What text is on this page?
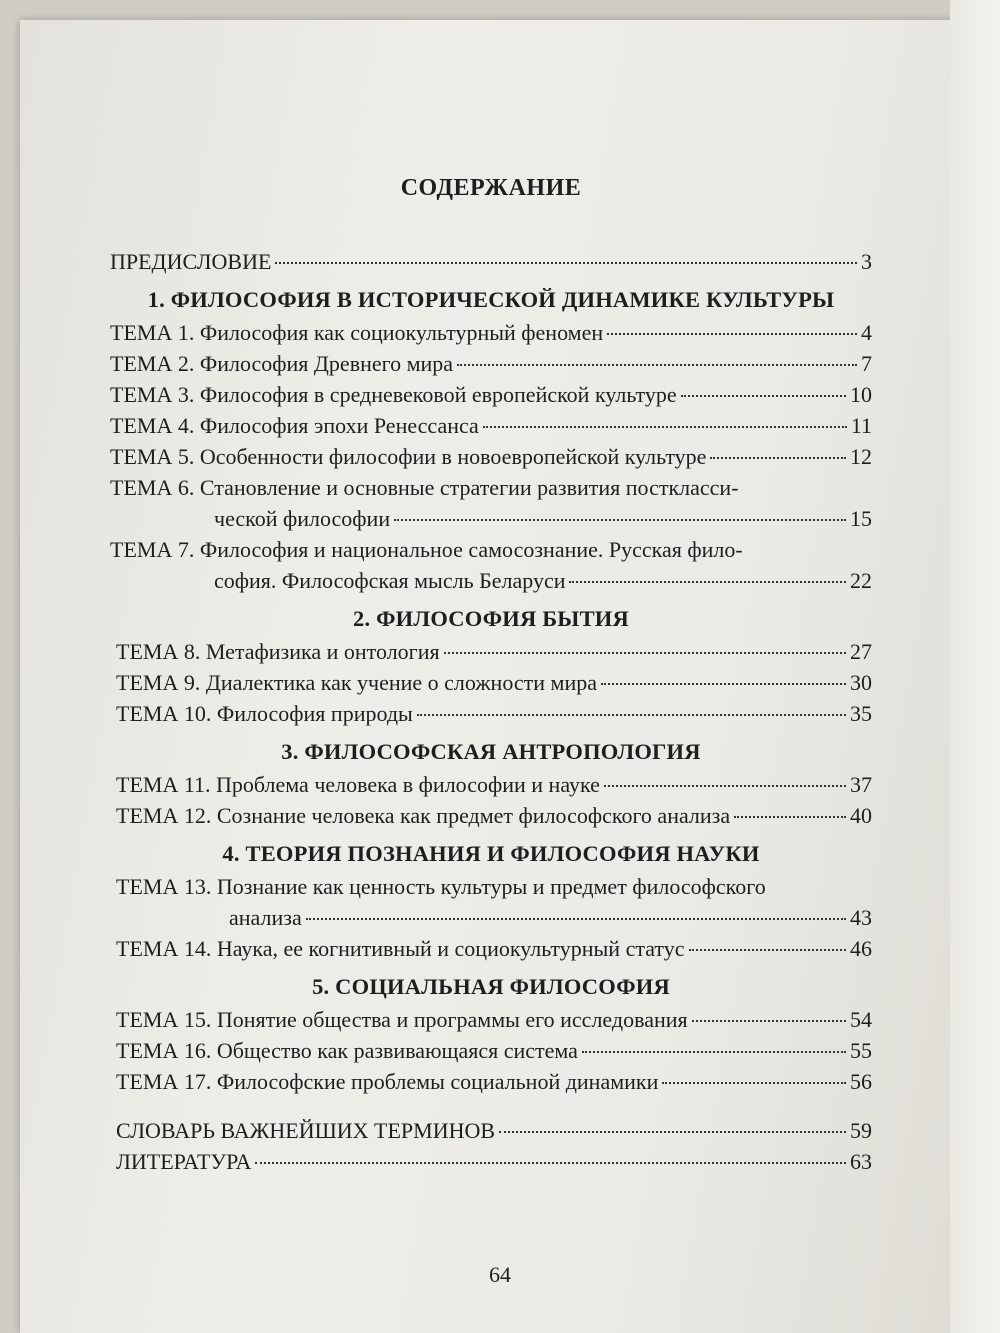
СОДЕРЖАНИЕ
ПРЕДИСЛОВИЕ	3
1. ФИЛОСОФИЯ В ИСТОРИЧЕСКОЙ ДИНАМИКЕ КУЛЬТУРЫ
ТЕМА 1. Философия как социокультурный феномен	4
ТЕМА 2. Философия Древнего мира	7
ТЕМА 3. Философия в средневековой европейской культуре	10
ТЕМА 4. Философия эпохи Ренессанса	11
ТЕМА 5. Особенности философии в новоевропейской культуре	12
ТЕМА 6. Становление и основные стратегии развития посткласси-
ческой философии	15
ТЕМА 7. Философия и национальное самосознание. Русская фило-
софия. Философская мысль Беларуси	22
2. ФИЛОСОФИЯ БЫТИЯ
ТЕМА 8. Метафизика и онтология	27
ТЕМА 9. Диалектика как учение о сложности мира	30
ТЕМА 10. Философия природы	35
3. ФИЛОСОФСКАЯ АНТРОПОЛОГИЯ
ТЕМА 11. Проблема человека в философии и науке	37
ТЕМА 12. Сознание человека как предмет философского анализа	40
4. ТЕОРИЯ ПОЗНАНИЯ И ФИЛОСОФИЯ НАУКИ
ТЕМА 13. Познание как ценность культуры и предмет философского
анализа	43
ТЕМА 14. Наука, ее когнитивный и социокультурный статус	46
5. СОЦИАЛЬНАЯ ФИЛОСОФИЯ
ТЕМА 15. Понятие общества и программы его исследования	54
ТЕМА 16. Общество как развивающаяся система	55
ТЕМА 17. Философские проблемы социальной динамики	56
СЛОВАРЬ ВАЖНЕЙШИХ ТЕРМИНОВ	59
ЛИТЕРАТУРА	63
64
